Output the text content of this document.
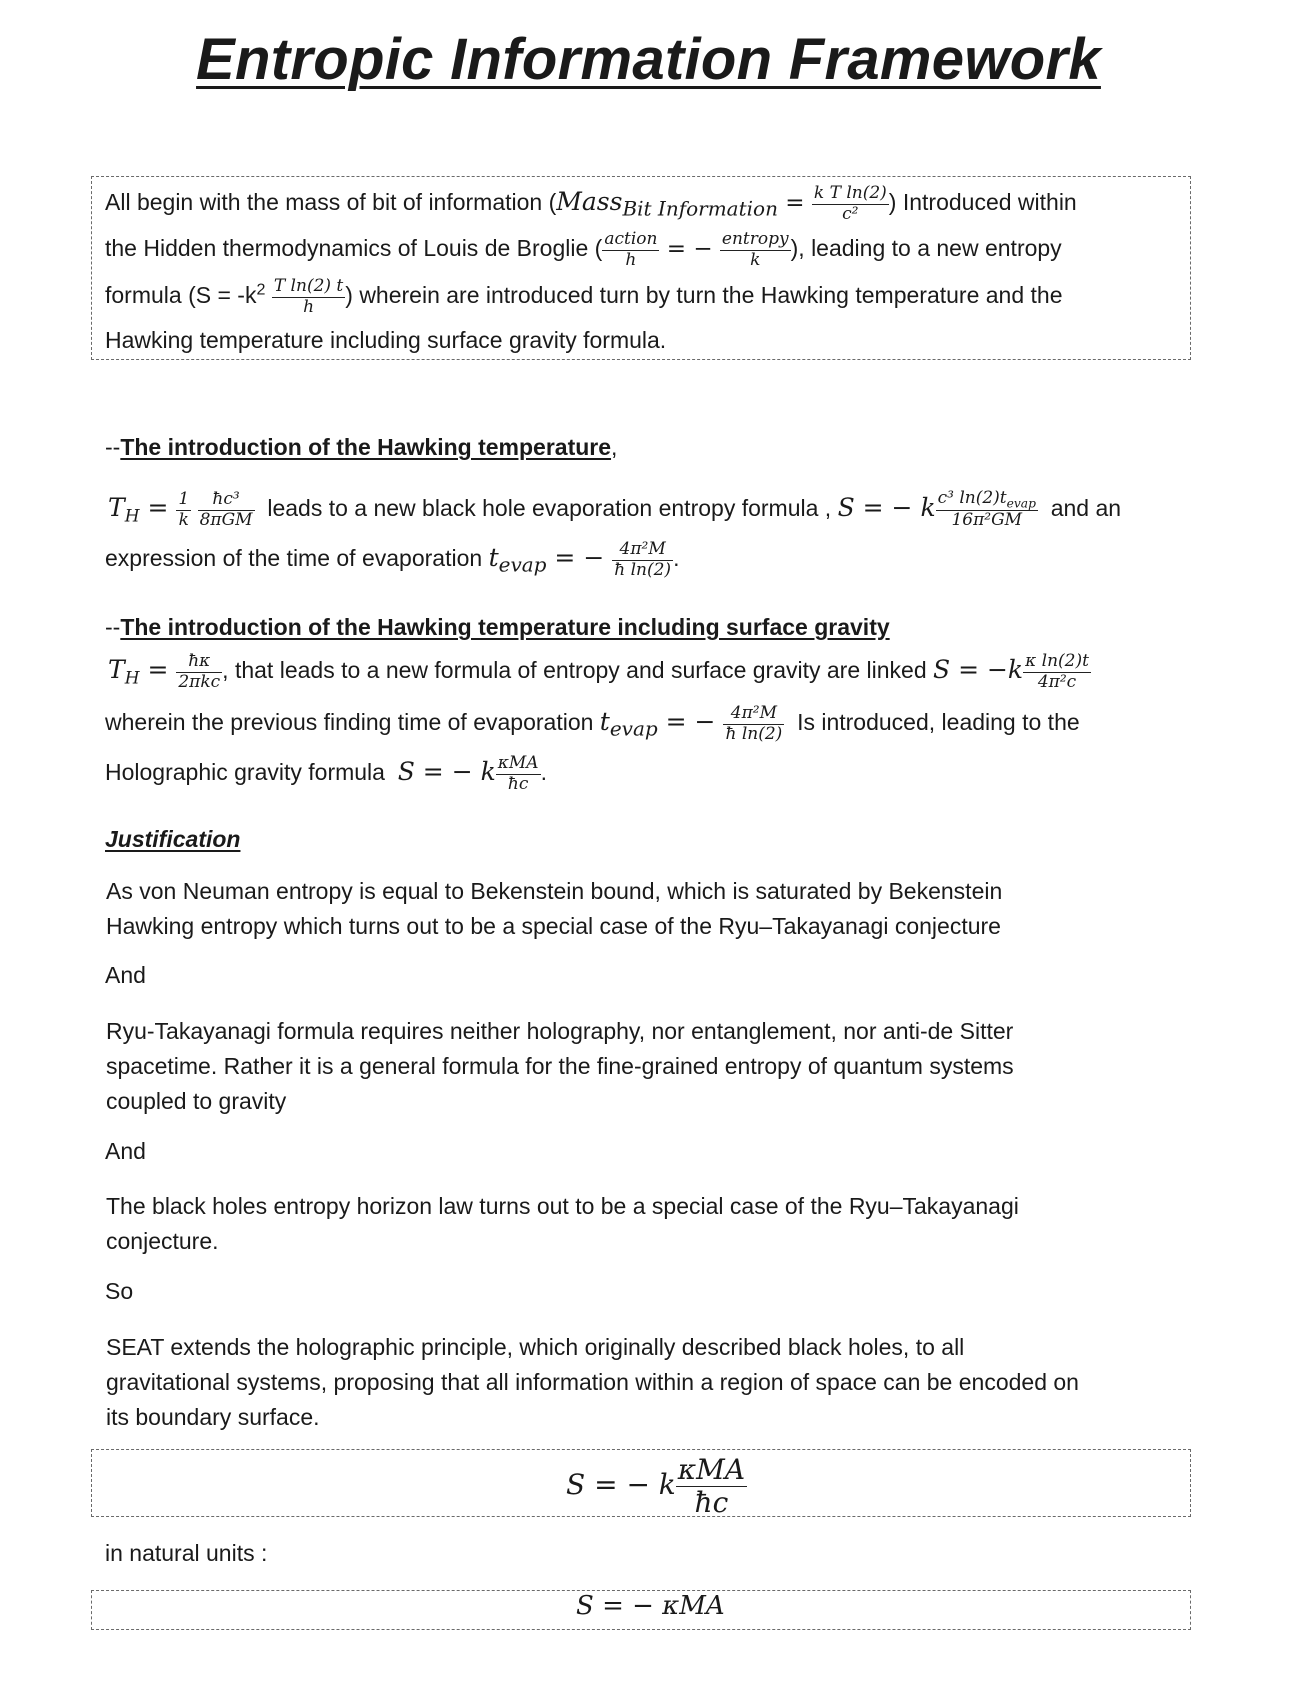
Entropic Information Framework
All begin with the mass of bit of information (Mass$_{Bit Information}$ = $\frac{\text{k T ln(2)}}{\text{c²}}$ ) Introduced within
the Hidden thermodynamics of Louis de Broglie ( $\frac{\text{action}}{h}$ = − $\frac{\text{entropy}}{k}$ ), leading to a new entropy
formula ($S = -k^2 \frac{\text{T ln(2) t}}{h}$ ) wherein are introduced turn by turn the Hawking temperature and the
Hawking temperature including surface gravity formula.
--The introduction of the Hawking temperature,
$T_H = \frac{1}{k}$
$\frac{\text{ħc³}}{\text{8πGM}}$ leads to a new black hole evaporation entropy formula , S = − k $\frac{c^3 \ln(2)t_{evap}}{\text{16π²GM}}$ and an
expression of the time of evaporation $t_{evap}$ = − $\frac{\text{4π²M}}{\text{ħ ln(2)}}$ .
--The introduction of the Hawking temperature including surface gravity
$T_H = \frac{ħ\kappa}{\text{2πkc}}$ , that leads to a new formula of entropy and surface gravity are linked $S = -k \frac{\text{κ ln(2)t}}{\text{4π²c}}$
wherein the previous finding time of evaporation $t_{evap}$ = − $\frac{\text{4π²M}}{\text{ħ ln(2)}}$ Is introduced, leading to the
Holographic gravity formula S = − k $\frac{\text{κMA}}{ħc}$ .
Justification
As von Neuman entropy is equal to Bekenstein bound, which is saturated by Bekenstein
Hawking entropy which turns out to be a special case of the Ryu–Takayanagi conjecture
And
Ryu-Takayanagi formula requires neither holography, nor entanglement, nor anti-de Sitter
spacetime. Rather it is a general formula for the fine-grained entropy of quantum systems
coupled to gravity
And
The black holes entropy horizon law turns out to be a special case of the Ryu–Takayanagi
conjecture.
So
SEAT extends the holographic principle, which originally described black holes, to all
gravitational systems, proposing that all information within a region of space can be encoded on
its boundary surface.
S = − k $\frac{\text{κMA}}{ħc}$
in natural units :
S = − κMA
